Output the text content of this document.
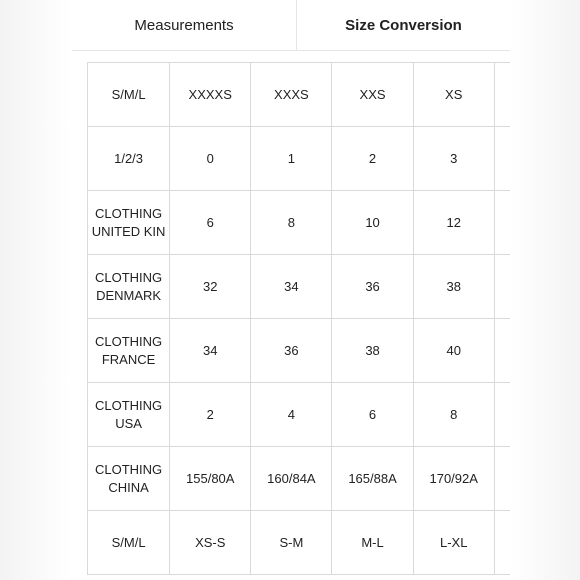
Measurements	Size Conversion
S/M/L	XXXXS	XXXS	XXS	XS	

1/2/3	0	1	2	3	

CLOTHING
UNITED KIN	6	8	10	12	

CLOTHING
DENMARK	32	34	36	38	

CLOTHING
FRANCE	34	36	38	40	

CLOTHING
USA	2	4	6	8	

CLOTHING
CHINA	155/80A	160/84A	165/88A	170/92A	

S/M/L	XS-S	S-M	M-L	L-XL	
